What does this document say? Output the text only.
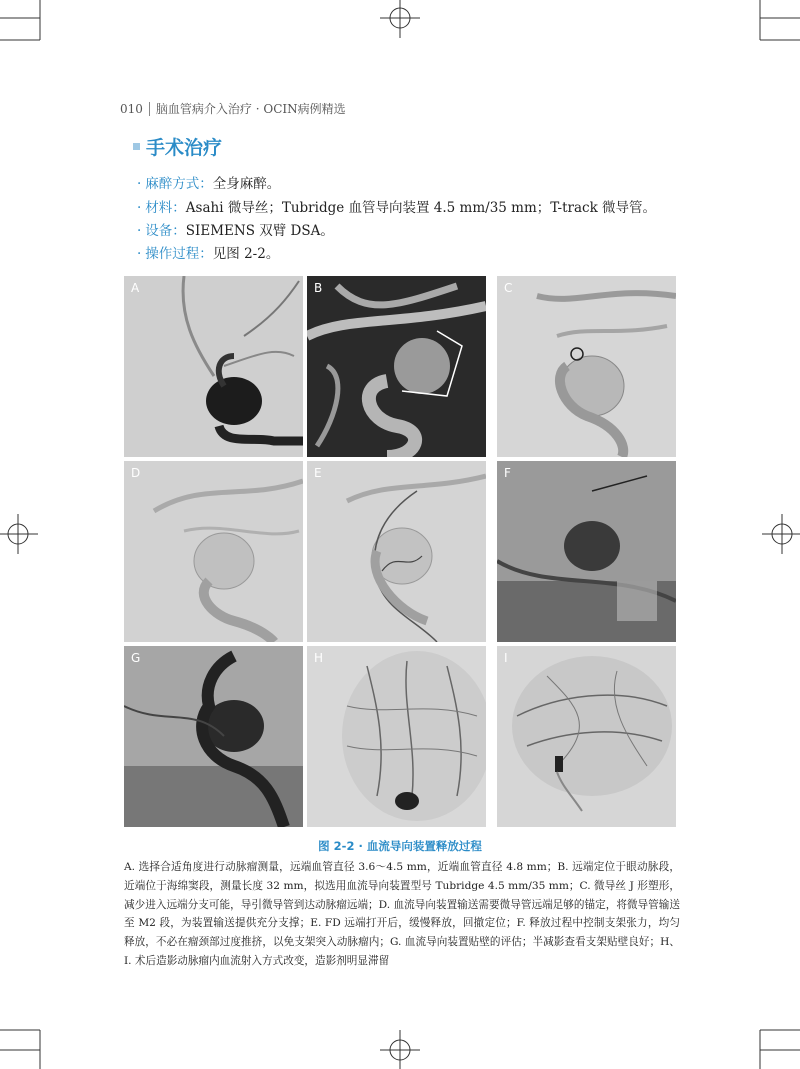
010 脑血管病介入治疗 · OCIN病例精选
手术治疗
· 麻醉方式：全身麻醉。
· 材料：Asahi 微导丝；Tubridge 血管导向装置 4.5 mm/35 mm；T-track 微导管。
· 设备：SIEMENS 双臂 DSA。
· 操作过程：见图 2-2。
A	B	C
D	E	F
G	H	I
图 2-2 · 血流导向装置释放过程
A. 选择合适角度进行动脉瘤测量，远端血管直径 3.6～4.5 mm，近端血管直径 4.8 mm；B. 远端定位于眼动脉段，近端位于海绵窦段，测量长度 32 mm，拟选用血流导向装置型号 Tubridge 4.5 mm/35 mm；C. 微导丝 J 形塑形，减少进入远端分支可能，导引微导管到达动脉瘤远端；D. 血流导向装置输送需要微导管远端足够的锚定，将微导管输送至 M2 段，为装置输送提供充分支撑；E. FD 远端打开后，缓慢释放，回撤定位；F. 释放过程中控制支架张力，均匀释放，不必在瘤颈部过度推挤，以免支架突入动脉瘤内；G. 血流导向装置贴壁的评估；半减影查看支架贴壁良好；H、I. 术后造影动脉瘤内血流射入方式改变，造影剂明显滞留
